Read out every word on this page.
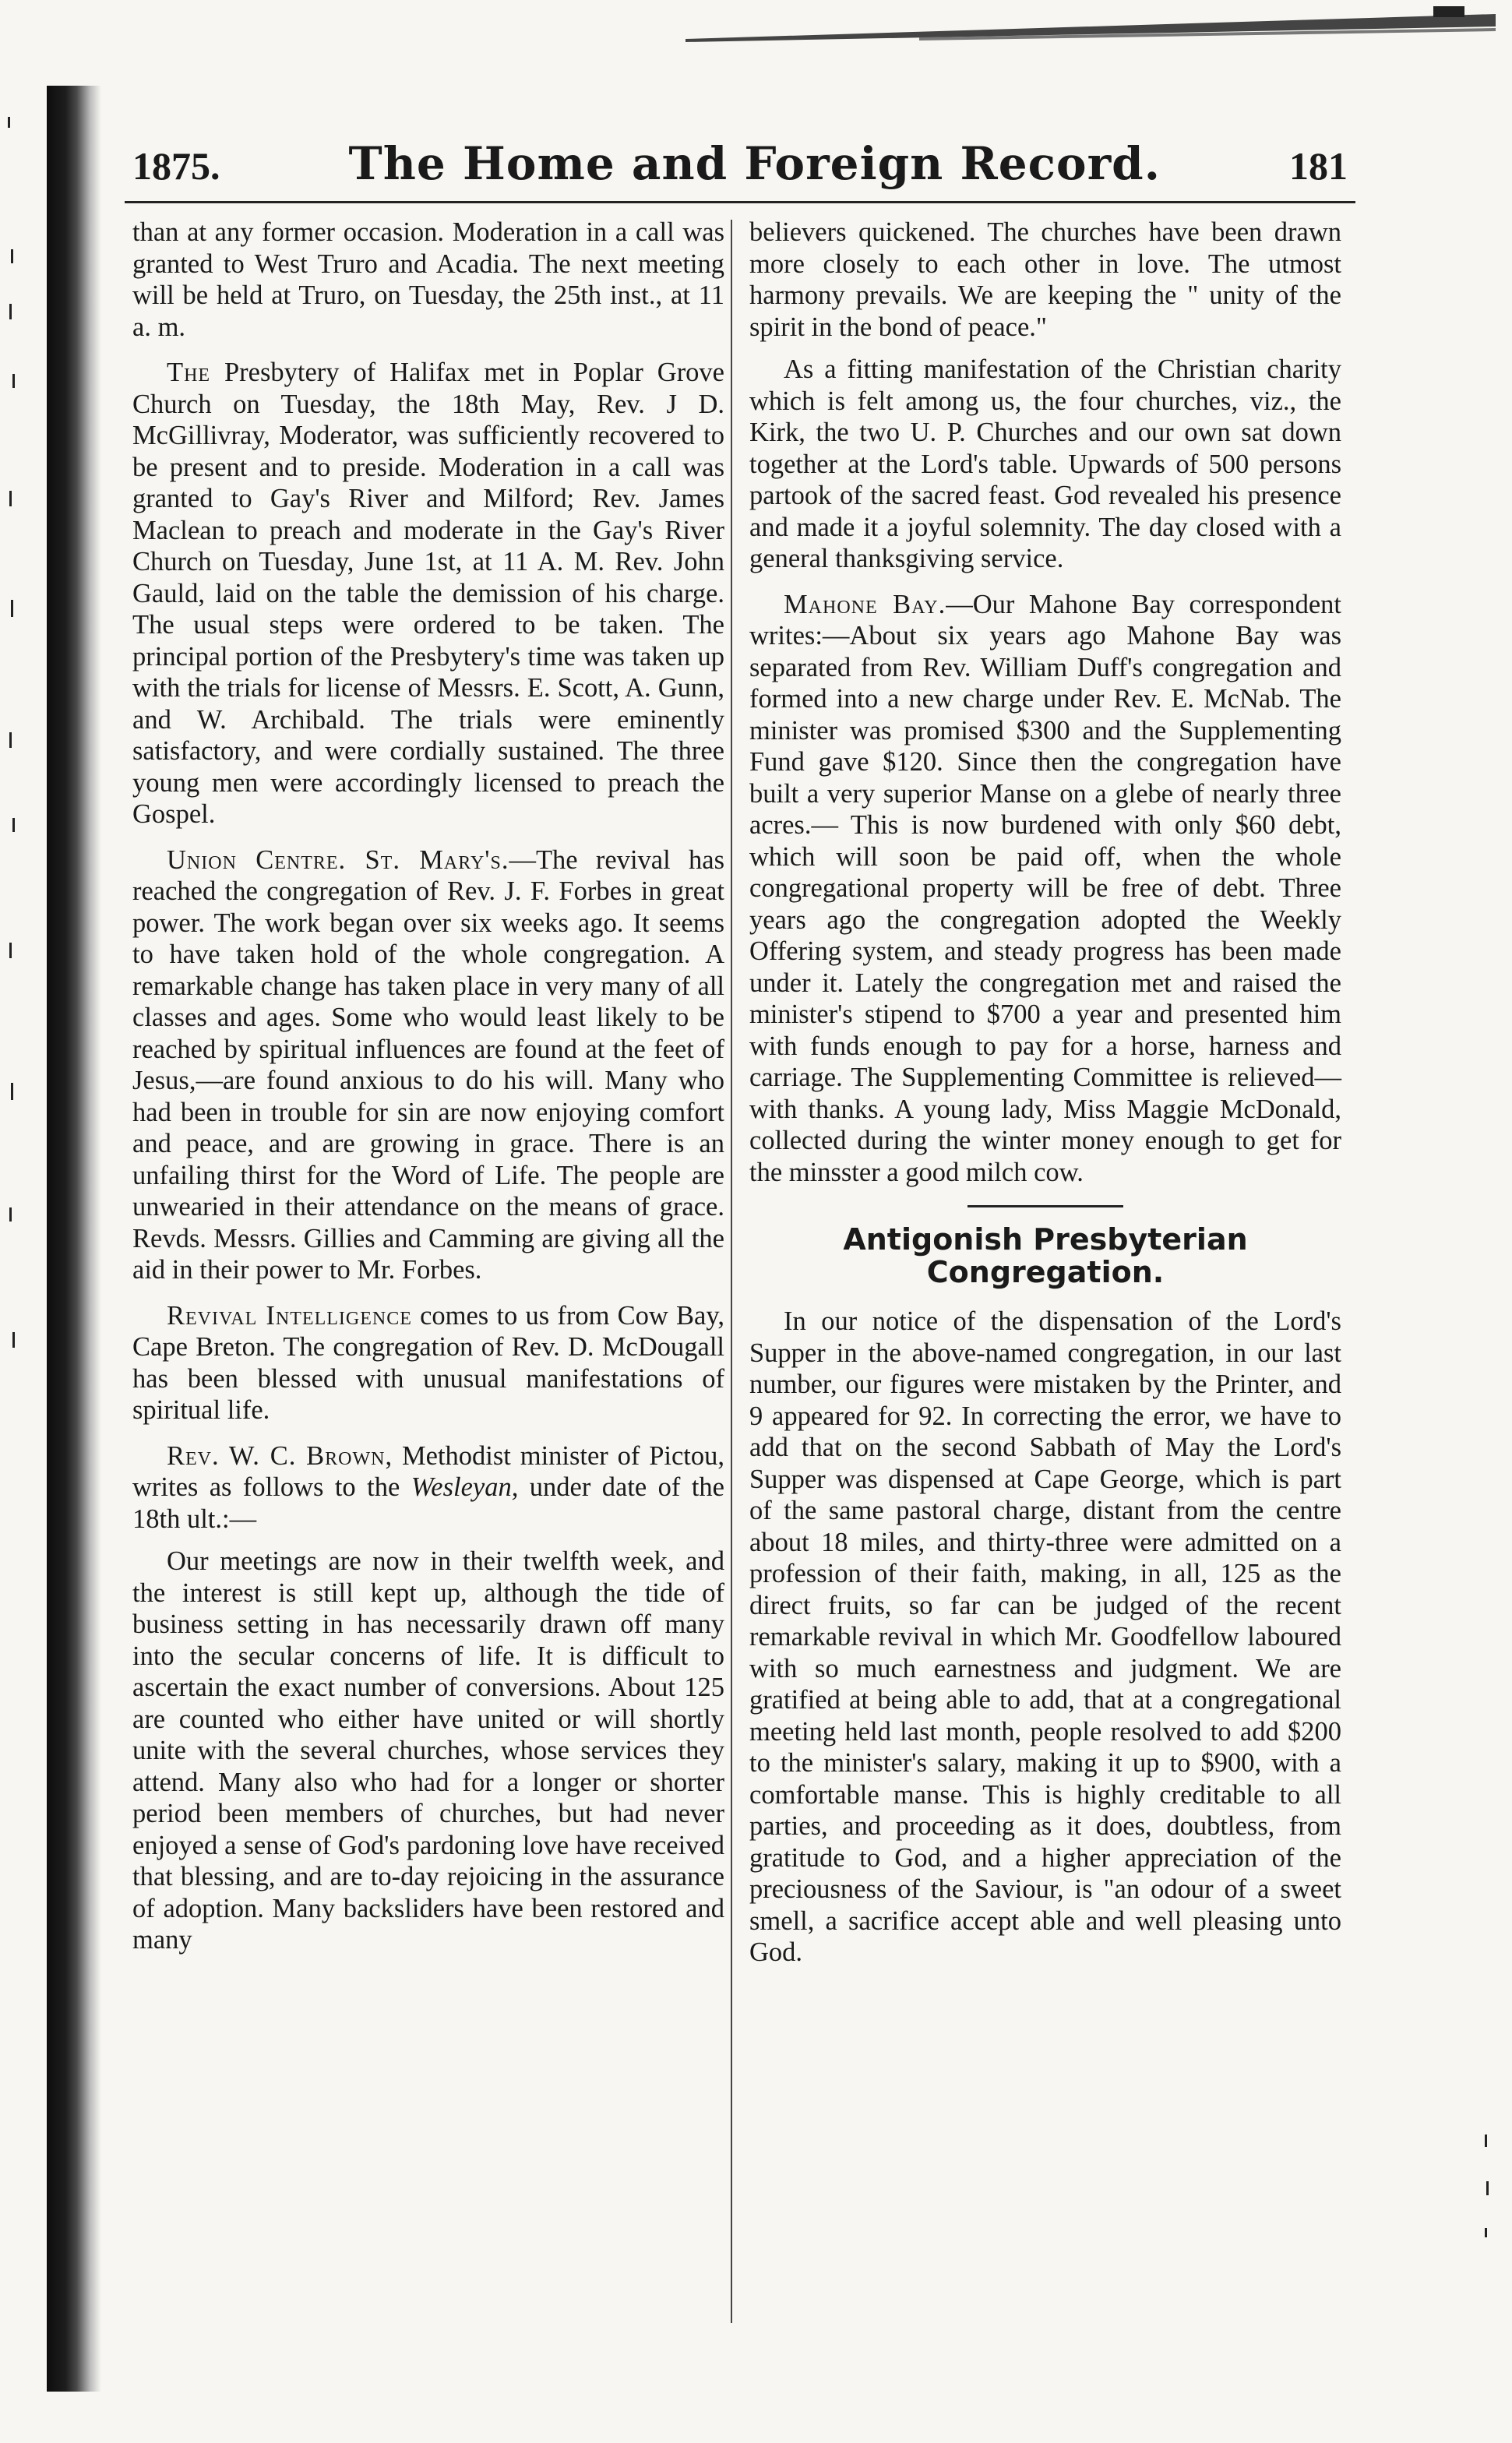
1875.	The Home and Foreign Record.	181

than at any former occasion. Moderation in a call was granted to West Truro and Acadia. The next meeting will be held at Truro, on Tuesday, the 25th inst., at 11 a. m.

The Presbytery of Halifax met in Poplar Grove Church on Tuesday, the 18th May, Rev. J D. McGillivray, Moderator, was sufficiently recovered to be present and to preside. Moderation in a call was granted to Gay's River and Milford; Rev. James Maclean to preach and moderate in the Gay's River Church on Tuesday, June 1st, at 11 A. M. Rev. John Gauld, laid on the table the demission of his charge. The usual steps were ordered to be taken. The principal portion of the Presbytery's time was taken up with the trials for license of Messrs. E. Scott, A. Gunn, and W. Archibald. The trials were eminently satisfactory, and were cordially sustained. The three young men were accordingly licensed to preach the Gospel.

Union Centre. St. Mary's.—The revival has reached the congregation of Rev. J. F. Forbes in great power. The work began over six weeks ago. It seems to have taken hold of the whole congregation. A remarkable change has taken place in very many of all classes and ages. Some who would least likely to be reached by spiritual influences are found at the feet of Jesus,—are found anxious to do his will. Many who had been in trouble for sin are now enjoying comfort and peace, and are growing in grace. There is an unfailing thirst for the Word of Life. The people are unwearied in their attendance on the means of grace. Revds. Messrs. Gillies and Camming are giving all the aid in their power to Mr. Forbes.

Revival Intelligence comes to us from Cow Bay, Cape Breton. The congregation of Rev. D. McDougall has been blessed with unusual manifestations of spiritual life.

Rev. W. C. Brown, Methodist minister of Pictou, writes as follows to the Wesleyan, under date of the 18th ult.:—

Our meetings are now in their twelfth week, and the interest is still kept up, although the tide of business setting in has necessarily drawn off many into the secular concerns of life. It is difficult to ascertain the exact number of conversions. About 125 are counted who either have united or will shortly unite with the several churches, whose services they attend. Many also who had for a longer or shorter period been members of churches, but had never enjoyed a sense of God's pardoning love have received that blessing, and are to-day rejoicing in the assurance of adoption. Many backsliders have been restored and many

believers quickened. The churches have been drawn more closely to each other in love. The utmost harmony prevails. We are keeping the " unity of the spirit in the bond of peace."

As a fitting manifestation of the Christian charity which is felt among us, the four churches, viz., the Kirk, the two U. P. Churches and our own sat down together at the Lord's table. Upwards of 500 persons partook of the sacred feast. God revealed his presence and made it a joyful solemnity. The day closed with a general thanksgiving service.

Mahone Bay.—Our Mahone Bay correspondent writes:—About six years ago Mahone Bay was separated from Rev. William Duff's congregation and formed into a new charge under Rev. E. McNab. The minister was promised $300 and the Supplementing Fund gave $120. Since then the congregation have built a very superior Manse on a glebe of nearly three acres.— This is now burdened with only $60 debt, which will soon be paid off, when the whole congregational property will be free of debt. Three years ago the congregation adopted the Weekly Offering system, and steady progress has been made under it. Lately the congregation met and raised the minister's stipend to $700 a year and presented him with funds enough to pay for a horse, harness and carriage. The Supplementing Committee is relieved—with thanks. A young lady, Miss Maggie McDonald, collected during the winter money enough to get for the minsster a good milch cow.

Antigonish Presbyterian Congregation.

In our notice of the dispensation of the Lord's Supper in the above-named congregation, in our last number, our figures were mistaken by the Printer, and 9 appeared for 92. In correcting the error, we have to add that on the second Sabbath of May the Lord's Supper was dispensed at Cape George, which is part of the same pastoral charge, distant from the centre about 18 miles, and thirty-three were admitted on a profession of their faith, making, in all, 125 as the direct fruits, so far can be judged of the recent remarkable revival in which Mr. Goodfellow laboured with so much earnestness and judgment. We are gratified at being able to add, that at a congregational meeting held last month, people resolved to add $200 to the minister's salary, making it up to $900, with a comfortable manse. This is highly creditable to all parties, and proceeding as it does, doubtless, from gratitude to God, and a higher appreciation of the preciousness of the Saviour, is "an odour of a sweet smell, a sacrifice accept able and well pleasing unto God.
